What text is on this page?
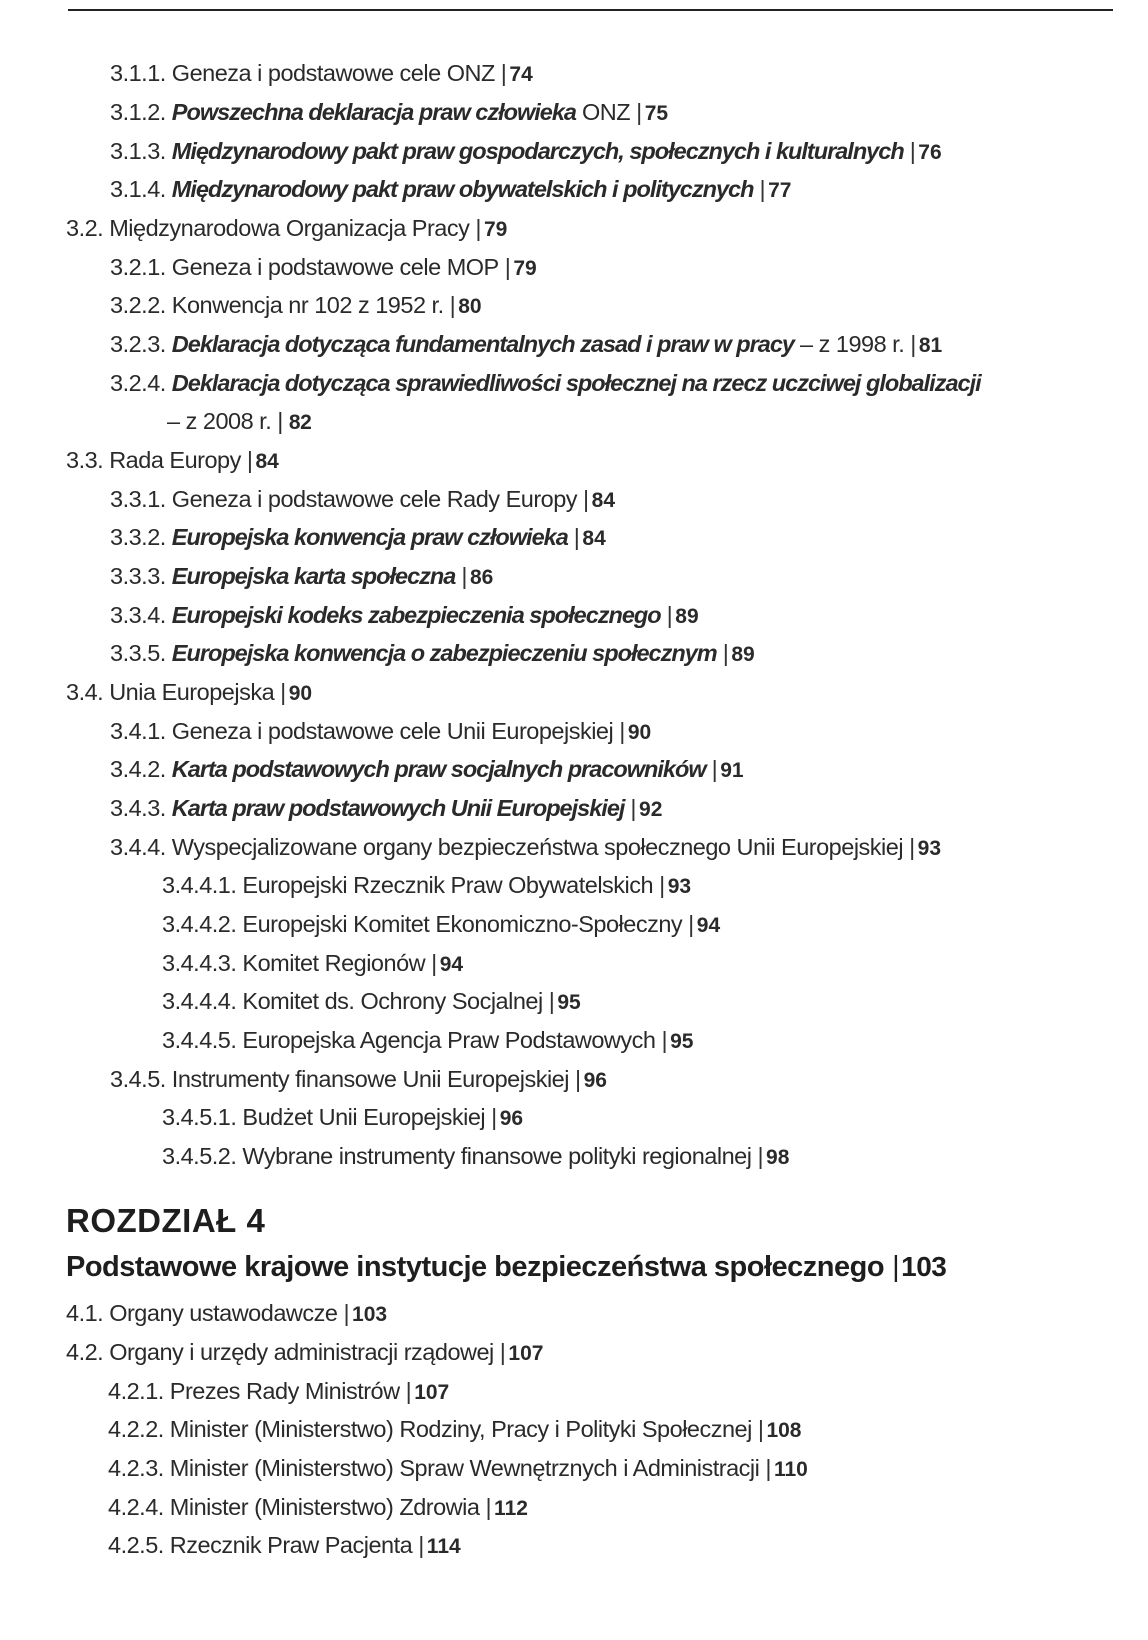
3.1.1. Geneza i podstawowe cele ONZ | 74
3.1.2. Powszechna deklaracja praw człowieka ONZ | 75
3.1.3. Międzynarodowy pakt praw gospodarczych, społecznych i kulturalnych | 76
3.1.4. Międzynarodowy pakt praw obywatelskich i politycznych | 77
3.2. Międzynarodowa Organizacja Pracy | 79
3.2.1. Geneza i podstawowe cele MOP | 79
3.2.2. Konwencja nr 102 z 1952 r. | 80
3.2.3. Deklaracja dotycząca fundamentalnych zasad i praw w pracy – z 1998 r. | 81
3.2.4. Deklaracja dotycząca sprawiedliwości społecznej na rzecz uczciwej globalizacji
– z 2008 r. | 82
3.3. Rada Europy | 84
3.3.1. Geneza i podstawowe cele Rady Europy | 84
3.3.2. Europejska konwencja praw człowieka | 84
3.3.3. Europejska karta społeczna | 86
3.3.4. Europejski kodeks zabezpieczenia społecznego | 89
3.3.5. Europejska konwencja o zabezpieczeniu społecznym | 89
3.4. Unia Europejska | 90
3.4.1. Geneza i podstawowe cele Unii Europejskiej | 90
3.4.2. Karta podstawowych praw socjalnych pracowników | 91
3.4.3. Karta praw podstawowych Unii Europejskiej | 92
3.4.4. Wyspecjalizowane organy bezpieczeństwa społecznego Unii Europejskiej | 93
3.4.4.1. Europejski Rzecznik Praw Obywatelskich | 93
3.4.4.2. Europejski Komitet Ekonomiczno-Społeczny | 94
3.4.4.3. Komitet Regionów | 94
3.4.4.4. Komitet ds. Ochrony Socjalnej | 95
3.4.4.5. Europejska Agencja Praw Podstawowych | 95
3.4.5. Instrumenty finansowe Unii Europejskiej | 96
3.4.5.1. Budżet Unii Europejskiej | 96
3.4.5.2. Wybrane instrumenty finansowe polityki regionalnej | 98
4.1. Organy ustawodawcze | 103
4.2. Organy i urzędy administracji rządowej | 107
4.2.1. Prezes Rady Ministrów | 107
4.2.2. Minister (Ministerstwo) Rodziny, Pracy i Polityki Społecznej | 108
4.2.3. Minister (Ministerstwo) Spraw Wewnętrznych i Administracji | 110
4.2.4. Minister (Ministerstwo) Zdrowia | 112
4.2.5. Rzecznik Praw Pacjenta | 114
ROZDZIAŁ 4
Podstawowe krajowe instytucje bezpieczeństwa społecznego |103
